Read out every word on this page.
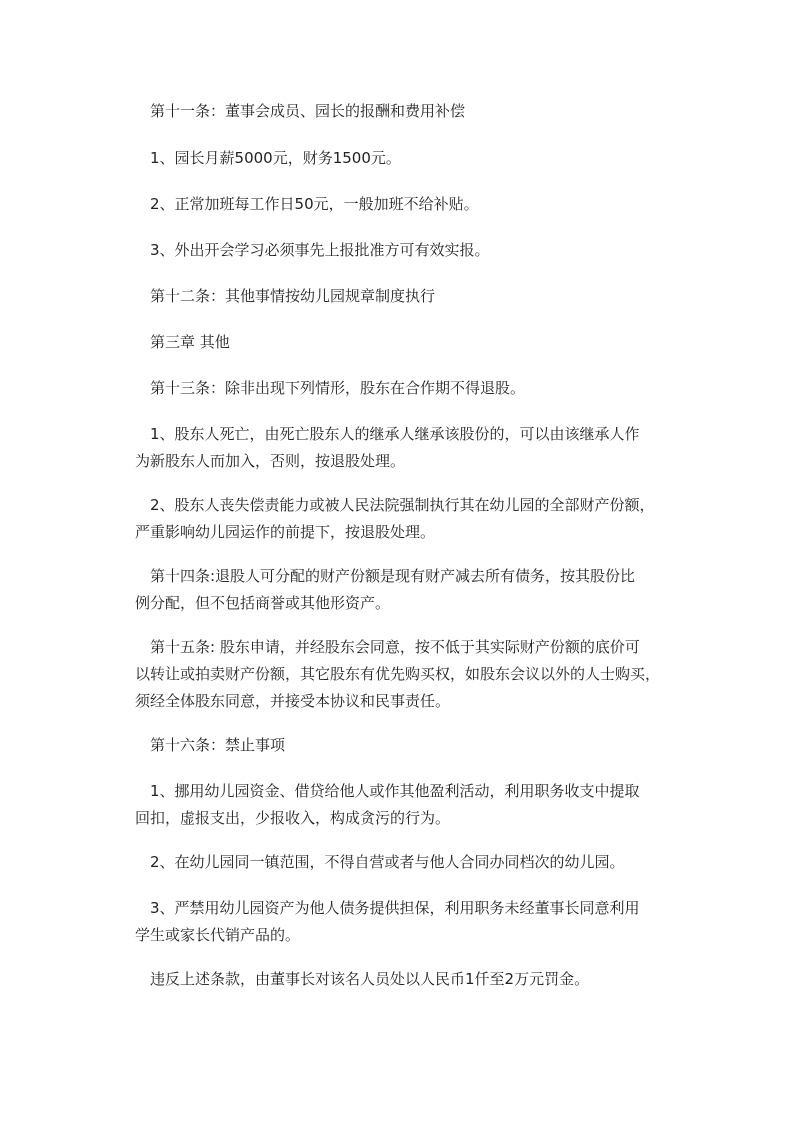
第十一条：董事会成员、园长的报酬和费用补偿

1、园长月薪5000元，财务1500元。

2、正常加班每工作日50元，一般加班不给补贴。

3、外出开会学习必须事先上报批准方可有效实报。

第十二条：其他事情按幼儿园规章制度执行

第三章 其他

第十三条：除非出现下列情形，股东在合作期不得退股。

1、股东人死亡，由死亡股东人的继承人继承该股份的，可以由该继承人作

为新股东人而加入，否则，按退股处理。

2、股东人丧失偿责能力或被人民法院强制执行其在幼儿园的全部财产份额，

严重影响幼儿园运作的前提下，按退股处理。

第十四条:退股人可分配的财产份额是现有财产减去所有债务，按其股份比

例分配，但不包括商誉或其他形资产。

第十五条: 股东申请，并经股东会同意，按不低于其实际财产份额的底价可

以转让或拍卖财产份额，其它股东有优先购买权，如股东会议以外的人士购买，

须经全体股东同意，并接受本协议和民事责任。

第十六条：禁止事项

1、挪用幼儿园资金、借贷给他人或作其他盈利活动，利用职务收支中提取

回扣，虚报支出，少报收入，构成贪污的行为。

2、在幼儿园同一镇范围，不得自营或者与他人合同办同档次的幼儿园。

3、严禁用幼儿园资产为他人债务提供担保，利用职务未经董事长同意利用

学生或家长代销产品的。

违反上述条款，由董事长对该名人员处以人民币1仟至2万元罚金。
